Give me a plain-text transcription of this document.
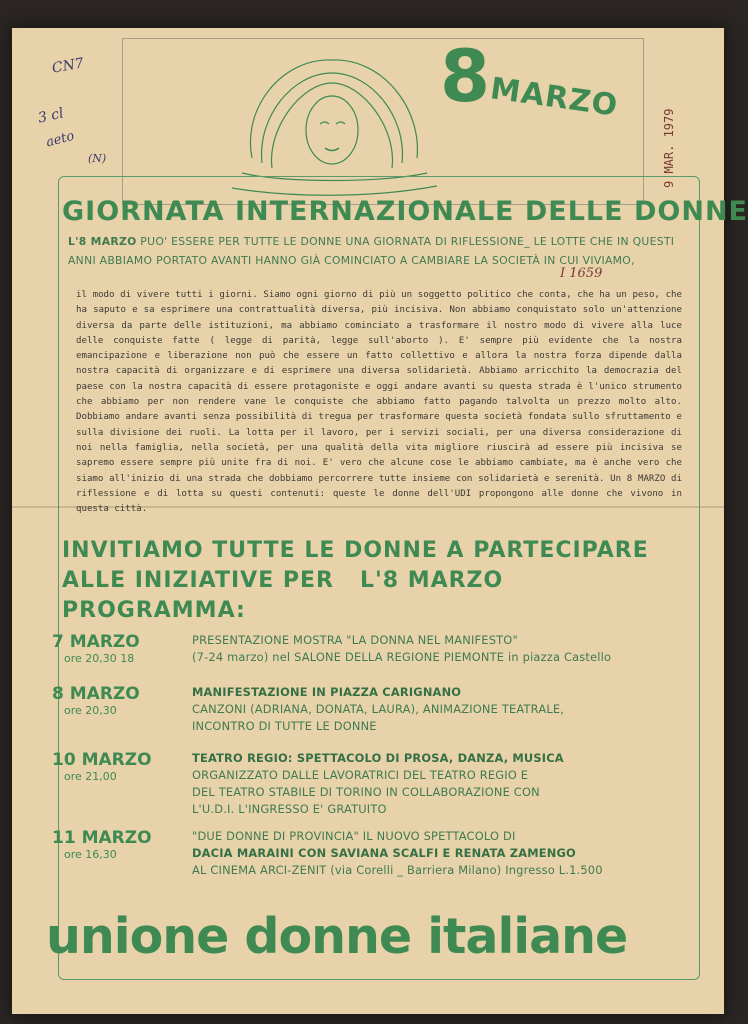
8
MARZO
9 MAR. 1979
CN7
3 cl
aeto
(N)
GIORNATA INTERNAZIONALE DELLE DONNE
L'8 MARZO PUO' ESSERE PER TUTTE LE DONNE UNA GIORNATA DI RIFLESSIONE_ LE LOTTE CHE IN QUESTI ANNI ABBIAMO PORTATO AVANTI HANNO GIÀ COMINCIATO A CAMBIARE LA SOCIETÀ IN CUI VIVIAMO,
I 1659
il modo di vivere tutti i giorni. Siamo ogni giorno di più un soggetto politico che conta, che ha un peso, che ha saputo e sa esprimere una contrattualità diversa, più incisiva. Non abbiamo conquistato solo un'attenzione diversa da parte delle istituzioni, ma abbiamo cominciato a trasformare il nostro modo di vivere alla luce delle conquiste fatte ( legge di parità, legge sull'aborto ). E' sempre più evidente che la nostra emancipazione e liberazione non può che essere un fatto collettivo e allora la nostra forza dipende dalla nostra capacità di organizzare e di esprimere una diversa solidarietà. Abbiamo arricchito la democrazia del paese con la nostra capacità di essere protagoniste e oggi andare avanti su questa strada è l'unico strumento che abbiamo per non rendere vane le conquiste che abbiamo fatto pagando talvolta un prezzo molto alto. Dobbiamo andare avanti senza possibilità di tregua per trasformare questa società fondata sullo sfruttamento e sulla divisione dei ruoli. La lotta per il lavoro, per i servizi sociali, per una diversa considerazione di noi nella famiglia, nella società, per una qualità della vita migliore riuscirà ad essere più incisiva se sapremo essere sempre più unite fra di noi. E' vero che alcune cose le abbiamo cambiate, ma è anche vero che siamo all'inizio di una strada che dobbiamo percorrere tutte insieme con solidarietà e serenità. Un 8 MARZO di riflessione e di lotta su questi contenuti: queste le donne dell'UDI propongono alle donne che vivono in questa città.
INVITIAMO TUTTE LE DONNE A PARTECIPARE
ALLE INIZIATIVE PER   L'8 MARZO
PROGRAMMA:
7 MARZO
ore 20,30 18
PRESENTAZIONE MOSTRA "LA DONNA NEL MANIFESTO"
(7-24 marzo) nel SALONE DELLA REGIONE PIEMONTE in piazza Castello
8 MARZO
ore 20,30
MANIFESTAZIONE IN PIAZZA CARIGNANO
CANZONI (ADRIANA, DONATA, LAURA), ANIMAZIONE TEATRALE,
INCONTRO DI TUTTE LE DONNE
10 MARZO
ore 21,00
TEATRO REGIO: SPETTACOLO DI PROSA, DANZA, MUSICA
ORGANIZZATO DALLE LAVORATRICI DEL TEATRO REGIO E
DEL TEATRO STABILE DI TORINO IN COLLABORAZIONE CON
L'U.D.I. L'INGRESSO E' GRATUITO
11 MARZO
ore 16,30
"DUE DONNE DI PROVINCIA" IL NUOVO SPETTACOLO DI
DACIA MARAINI CON SAVIANA SCALFI E RENATA ZAMENGO
AL CINEMA ARCI-ZENIT (via Corelli _ Barriera Milano) Ingresso L.1.500
unione donne italiane
